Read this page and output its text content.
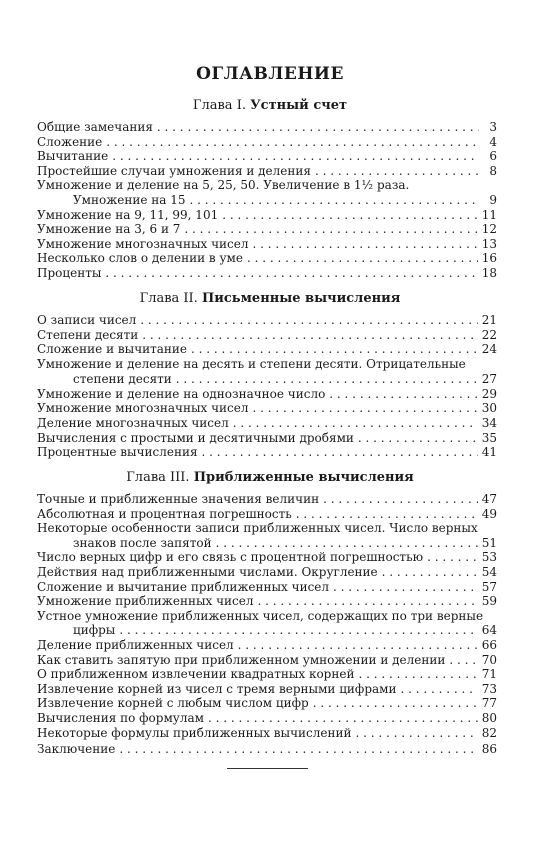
ОГЛАВЛЕНИЕ
Глава I. Устный счет
Общие замечания . . .	3
Сложение . . .	4
Вычитание . . .	6
Простейшие случаи умножения и деления . . .	8
Умножение и деление на 5, 25, 50. Увеличение в 1½ раза.
Умножение на 15 . . .	9
Умножение на 9, 11, 99, 101 . . .	11
Умножение на 3, 6 и 7 . . .	12
Умножение многозначных чисел . . .	13
Несколько слов о делении в уме . . .	16
Проценты . . .	18
Глава II. Письменные вычисления
О записи чисел . . .	21
Степени десяти . . .	22
Сложение и вычитание . . .	24
Умножение и деление на десять и степени десяти. Отрицательные
степени десяти . . .	27
Умножение и деление на однозначное число . . .	29
Умножение многозначных чисел . . .	30
Деление многозначных чисел . . .	34
Вычисления с простыми и десятичными дробями . . .	35
Процентные вычисления . . .	41
Глава III. Приближенные вычисления
Точные и приближенные значения величин . . .	47
Абсолютная и процентная погрешность . . .	49
Некоторые особенности записи приближенных чисел. Число верных
знаков после запятой . . .	51
Число верных цифр и его связь с процентной погрешностью . . .	53
Действия над приближенными числами. Округление . . .	54
Сложение и вычитание приближенных чисел . . .	57
Умножение приближенных чисел . . .	59
Устное умножение приближенных чисел, содержащих по три верные
цифры . . .	64
Деление приближенных чисел . . .	66
Как ставить запятую при приближенном умножении и делении . . .	70
О приближенном извлечении квадратных корней . . .	71
Извлечение корней из чисел с тремя верными цифрами . . .	73
Извлечение корней с любым числом цифр . . .	77
Вычисления по формулам . . .	80
Некоторые формулы приближенных вычислений . . .	82
Заключение . . .	86
